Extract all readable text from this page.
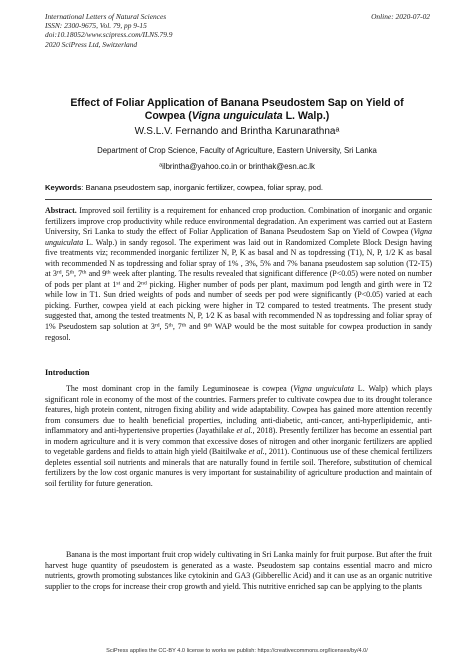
International Letters of Natural Sciences
ISSN: 2300-9675, Vol. 79, pp 9-15
doi:10.18052/www.scipress.com/ILNS.79.9
2020 SciPress Ltd, Switzerland
Online: 2020-07-02
Effect of Foliar Application of Banana Pseudostem Sap on Yield of
Cowpea (Vigna unguiculata L. Walp.)
W.S.L.V. Fernando and Brintha Karunarathna$^a$
Department of Crop Science, Faculty of Agriculture, Eastern University, Sri Lanka
$^a$ilbrintha@yahoo.co.in or brinthak@esn.ac.lk
Keywords: Banana pseudostem sap, inorganic fertilizer, cowpea, foliar spray, pod.
Abstract. Improved soil fertility is a requirement for enhanced crop production. Combination of inorganic and organic fertilizers improve crop productivity while reduce environmental degradation. An experiment was carried out at Eastern University, Sri Lanka to study the effect of Foliar Application of Banana Pseudostem Sap on Yield of Cowpea (Vigna unguiculata L. Walp.) in sandy regosol. The experiment was laid out in Randomized Complete Block Design having five treatments viz; recommended inorganic fertilizer N, P, K as basal and N as topdressing (T1), N, P, 1/2 K as basal with recommended N as topdressing and foliar spray of 1% , 3%, 5% and 7% banana pseudostem sap solution (T2-T5) at 3rd, 5th, 7th and 9th week after planting. The results revealed that significant difference (P<0.05) were noted on number of pods per plant at 1st and 2nd picking. Higher number of pods per plant, maximum pod length and girth were in T2 while low in T1. Sun dried weights of pods and number of seeds per pod were significantly (P<0.05) varied at each picking. Further, cowpea yield at each picking were higher in T2 compared to tested treatments. The present study suggested that, among the tested treatments N, P, 1⁄2 K as basal with recommended N as topdressing and foliar spray of 1% Pseudostem sap solution at 3rd, 5th, 7th and 9th WAP would be the most suitable for cowpea production in sandy regosol.
Introduction
The most dominant crop in the family Leguminoseae is cowpea (Vigna unguiculata L. Walp) which plays significant role in economy of the most of the countries. Farmers prefer to cultivate cowpea due to its drought tolerance features, high protein content, nitrogen fixing ability and wide adaptability. Cowpea has gained more attention recently from consumers due to health beneficial properties, including anti-diabetic, anti-cancer, anti-hyperlipidemic, anti-inflammatory and anti-hypertensive properties (Jayathilake et al., 2018). Presently fertilizer has become an essential part in modern agriculture and it is very common that excessive doses of nitrogen and other inorganic fertilizers are applied to vegetable gardens and fields to attain high yield (Baitilwake et al., 2011). Continuous use of these chemical fertilizers depletes essential soil nutrients and minerals that are naturally found in fertile soil. Therefore, substitution of chemical fertilizers by the low cost organic manures is very important for sustainability of agriculture production and maintain of soil fertility for future generation.
Banana is the most important fruit crop widely cultivating in Sri Lanka mainly for fruit purpose. But after the fruit harvest huge quantity of pseudostem is generated as a waste. Pseudostem sap contains essential macro and micro nutrients, growth promoting substances like cytokinin and GA3 (Gibberellic Acid) and it can use as an organic nutritive supplier to the crops for increase their crop growth and yield. This nutritive enriched sap can be applying to the plants
SciPress applies the CC-BY 4.0 license to works we publish: https://creativecommons.org/licenses/by/4.0/
